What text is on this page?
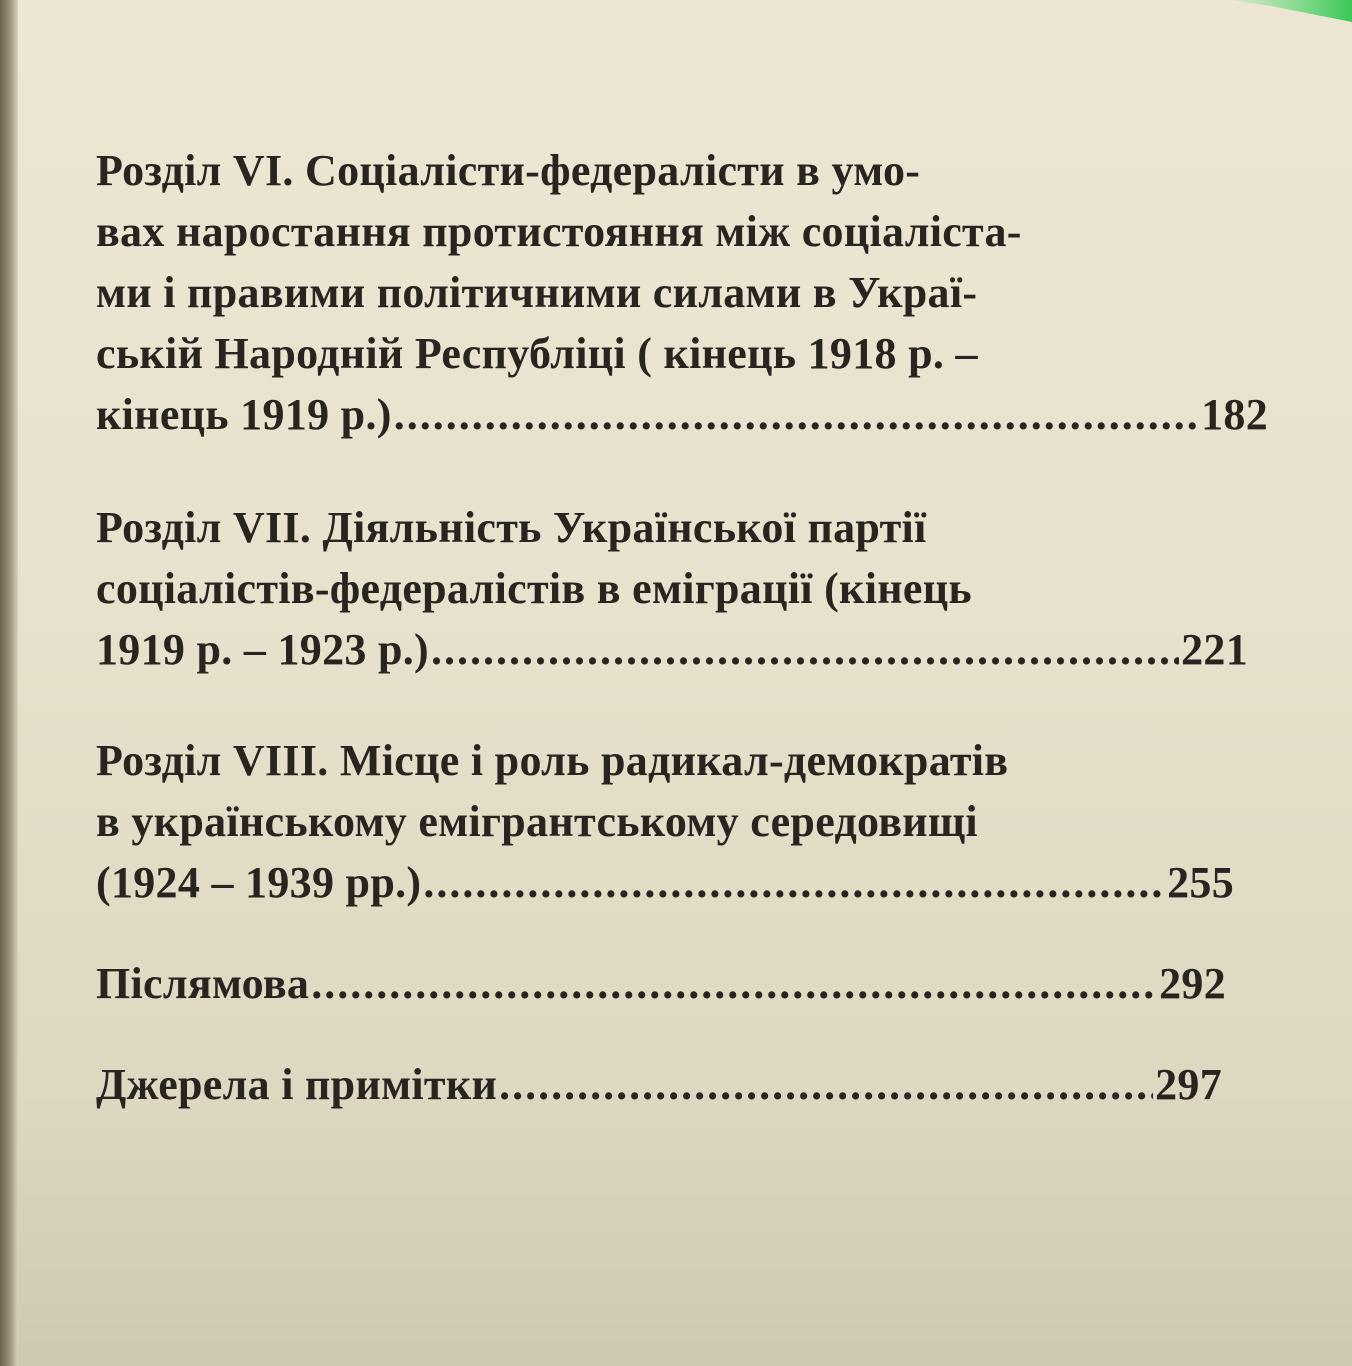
Розділ VI. Соціалісти-федералісти в умо-
вах наростання протистояння між соціаліста-
ми і правими політичними силами в Украї-
ській Народній Республіці ( кінець 1918 р. –
кінець 1919 р.) .....	182
Розділ VII. Діяльність Української партії
соціалістів-федералістів в еміграції (кінець
1919 р. – 1923 р.) .....	221
Розділ VIII. Місце і роль радикал-демократів
в українському емігрантському середовищі
(1924 – 1939 рр.) .....	255
Післямова .....	292
Джерела і примітки .....	297
